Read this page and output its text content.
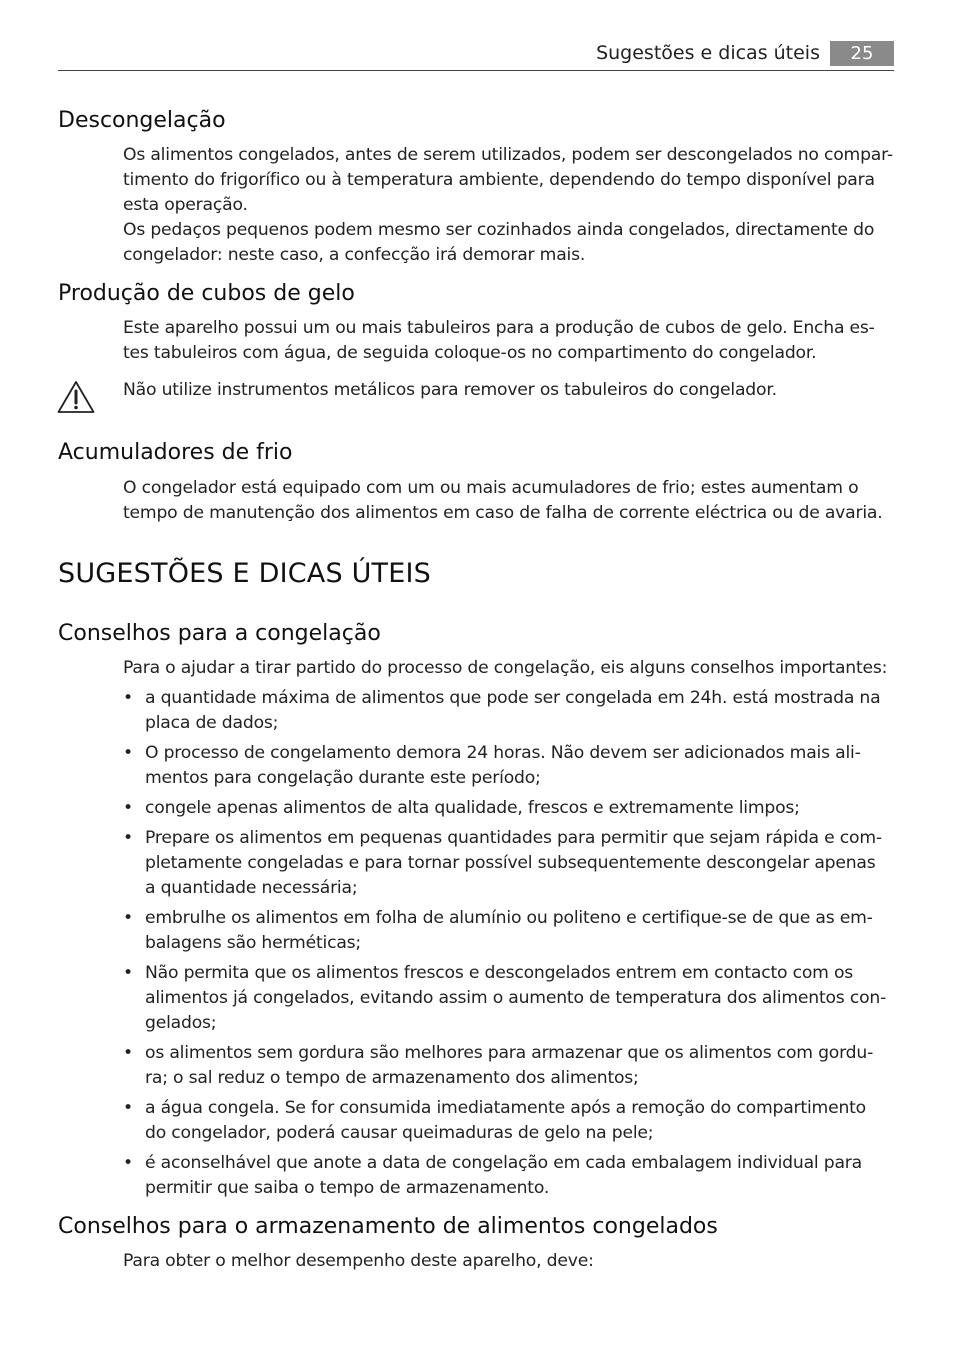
Sugestões e dicas úteis	25
Descongelação
Os alimentos congelados, antes de serem utilizados, podem ser descongelados no compar-
timento do frigorífico ou à temperatura ambiente, dependendo do tempo disponível para
esta operação.
Os pedaços pequenos podem mesmo ser cozinhados ainda congelados, directamente do
congelador: neste caso, a confecção irá demorar mais.
Produção de cubos de gelo
Este aparelho possui um ou mais tabuleiros para a produção de cubos de gelo. Encha es-
tes tabuleiros com água, de seguida coloque-os no compartimento do congelador.
Não utilize instrumentos metálicos para remover os tabuleiros do congelador.
Acumuladores de frio
O congelador está equipado com um ou mais acumuladores de frio; estes aumentam o
tempo de manutenção dos alimentos em caso de falha de corrente eléctrica ou de avaria.
SUGESTÕES E DICAS ÚTEIS
Conselhos para a congelação
Para o ajudar a tirar partido do processo de congelação, eis alguns conselhos importantes:
• a quantidade máxima de alimentos que pode ser congelada em 24h. está mostrada na
placa de dados;
• O processo de congelamento demora 24 horas. Não devem ser adicionados mais ali-
mentos para congelação durante este período;
• congele apenas alimentos de alta qualidade, frescos e extremamente limpos;
• Prepare os alimentos em pequenas quantidades para permitir que sejam rápida e com-
pletamente congeladas e para tornar possível subsequentemente descongelar apenas
a quantidade necessária;
• embrulhe os alimentos em folha de alumínio ou politeno e certifique-se de que as em-
balagens são herméticas;
• Não permita que os alimentos frescos e descongelados entrem em contacto com os
alimentos já congelados, evitando assim o aumento de temperatura dos alimentos con-
gelados;
• os alimentos sem gordura são melhores para armazenar que os alimentos com gordu-
ra; o sal reduz o tempo de armazenamento dos alimentos;
• a água congela. Se for consumida imediatamente após a remoção do compartimento
do congelador, poderá causar queimaduras de gelo na pele;
• é aconselhável que anote a data de congelação em cada embalagem individual para
permitir que saiba o tempo de armazenamento.
Conselhos para o armazenamento de alimentos congelados
Para obter o melhor desempenho deste aparelho, deve:
